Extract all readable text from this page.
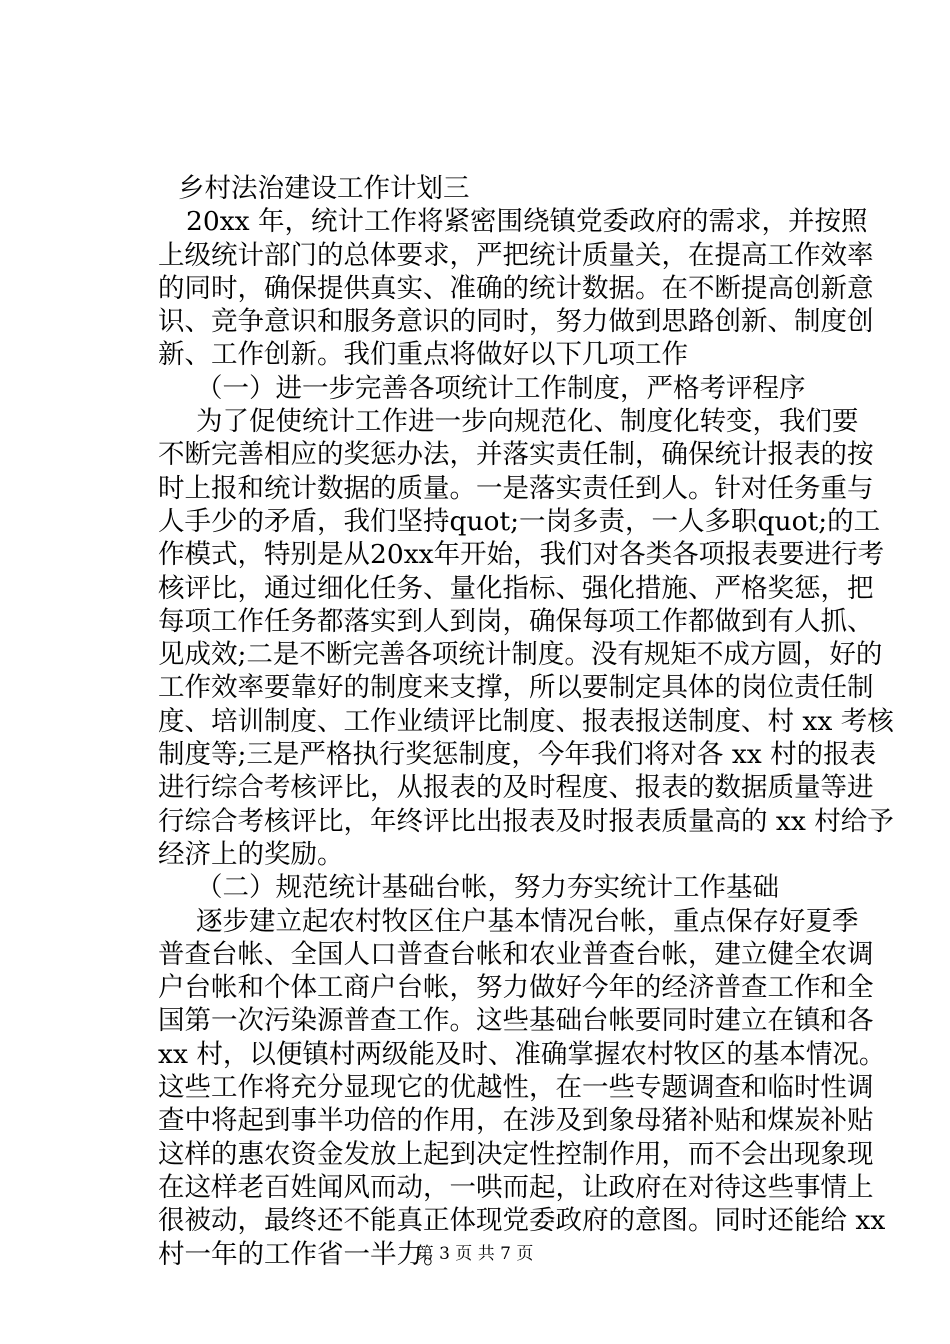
乡村法治建设工作计划三
20xx 年，统计工作将紧密围绕镇党委政府的需求，并按照
上级统计部门的总体要求，严把统计质量关，在提高工作效率
的同时，确保提供真实、准确的统计数据。在不断提高创新意
识、竞争意识和服务意识的同时，努力做到思路创新、制度创
新、工作创新。我们重点将做好以下几项工作
（一）进一步完善各项统计工作制度，严格考评程序
为了促使统计工作进一步向规范化、制度化转变，我们要
不断完善相应的奖惩办法，并落实责任制，确保统计报表的按
时上报和统计数据的质量。一是落实责任到人。针对任务重与
人手少的矛盾，我们坚持quot;一岗多责，一人多职quot;的工
作模式，特别是从20xx年开始，我们对各类各项报表要进行考
核评比，通过细化任务、量化指标、强化措施、严格奖惩，把
每项工作任务都落实到人到岗，确保每项工作都做到有人抓、
见成效;二是不断完善各项统计制度。没有规矩不成方圆，好的
工作效率要靠好的制度来支撑，所以要制定具体的岗位责任制
度、培训制度、工作业绩评比制度、报表报送制度、村 xx 考核
制度等;三是严格执行奖惩制度，今年我们将对各 xx 村的报表
进行综合考核评比，从报表的及时程度、报表的数据质量等进
行综合考核评比，年终评比出报表及时报表质量高的 xx 村给予
经济上的奖励。
（二）规范统计基础台帐，努力夯实统计工作基础
逐步建立起农村牧区住户基本情况台帐，重点保存好夏季
普查台帐、全国人口普查台帐和农业普查台帐，建立健全农调
户台帐和个体工商户台帐，努力做好今年的经济普查工作和全
国第一次污染源普查工作。这些基础台帐要同时建立在镇和各
xx 村，以便镇村两级能及时、准确掌握农村牧区的基本情况。
这些工作将充分显现它的优越性，在一些专题调查和临时性调
查中将起到事半功倍的作用，在涉及到象母猪补贴和煤炭补贴
这样的惠农资金发放上起到决定性控制作用，而不会出现象现
在这样老百姓闻风而动，一哄而起，让政府在对待这些事情上
很被动，最终还不能真正体现党委政府的意图。同时还能给 xx
村一年的工作省一半力。
第 3 页 共 7 页
